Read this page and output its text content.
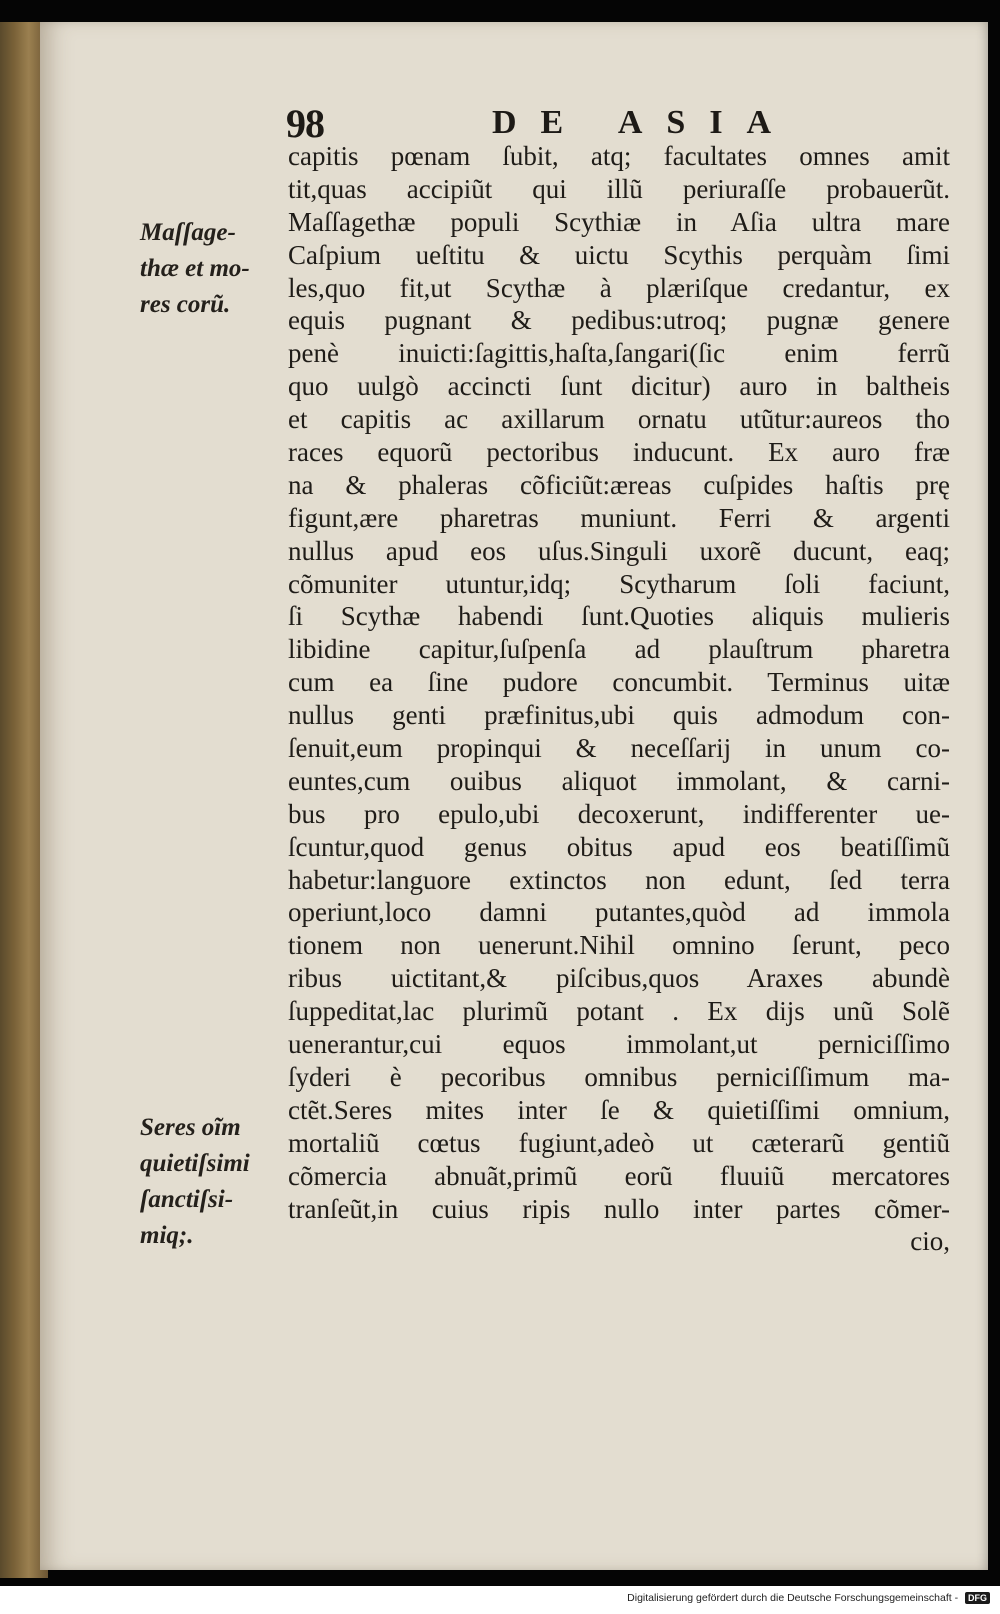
98	DE ASIA
Maſſage-
thæ et mo-
res corũ.
Seres oĩm
quietiſsimi
ſanctiſsi-
miq;.
capitis pœnam ſubit, atq; facultates omnes amit
tit,quas accipiũt qui illũ periuraſſe probauerũt.
Maſſagethæ populi Scythiæ in Aſia ultra mare
Caſpium ueſtitu & uictu Scythis perquàm ſimi
les,quo fit,ut Scythæ à plæriſque credantur, ex
equis pugnant & pedibus:utroq; pugnæ genere
penè inuicti:ſagittis,haſta,ſangari(ſic enim ferrũ
quo uulgò accincti ſunt dicitur) auro in baltheis
et capitis ac axillarum ornatu utũtur:aureos tho
races equorũ pectoribus inducunt. Ex auro fræ
na & phaleras cõficiũt:æreas cuſpides haſtis prę
figunt,ære pharetras muniunt. Ferri & argenti
nullus apud eos uſus.Singuli uxorẽ ducunt, eaq;
cõmuniter utuntur,idq; Scytharum ſoli faciunt,
ſi Scythæ habendi ſunt.Quoties aliquis mulieris
libidine capitur,ſuſpenſa ad plauſtrum pharetra
cum ea ſine pudore concumbit. Terminus uitæ
nullus genti præfinitus,ubi quis admodum con-
ſenuit,eum propinqui & neceſſarij in unum co-
euntes,cum ouibus aliquot immolant, & carni-
bus pro epulo,ubi decoxerunt, indifferenter ue-
ſcuntur,quod genus obitus apud eos beatiſſimũ
habetur:languore extinctos non edunt, ſed terra
operiunt,loco damni putantes,quòd ad immola
tionem non uenerunt.Nihil omnino ſerunt, peco
ribus uictitant,& piſcibus,quos Araxes abundè
ſuppeditat,lac plurimũ potant . Ex dijs unũ Solẽ
uenerantur,cui equos immolant,ut perniciſſimo
ſyderi è pecoribus omnibus perniciſſimum ma-
ctẽt.Seres mites inter ſe & quietiſſimi omnium,
mortaliũ cœtus fugiunt,adeò ut cæterarũ gentiũ
cõmercia abnuãt,primũ eorũ fluuiũ mercatores
tranſeũt,in cuius ripis nullo inter partes cõmer-
cio,
Digitalisierung gefördert durch die Deutsche Forschungsgemeinschaft - DFG
